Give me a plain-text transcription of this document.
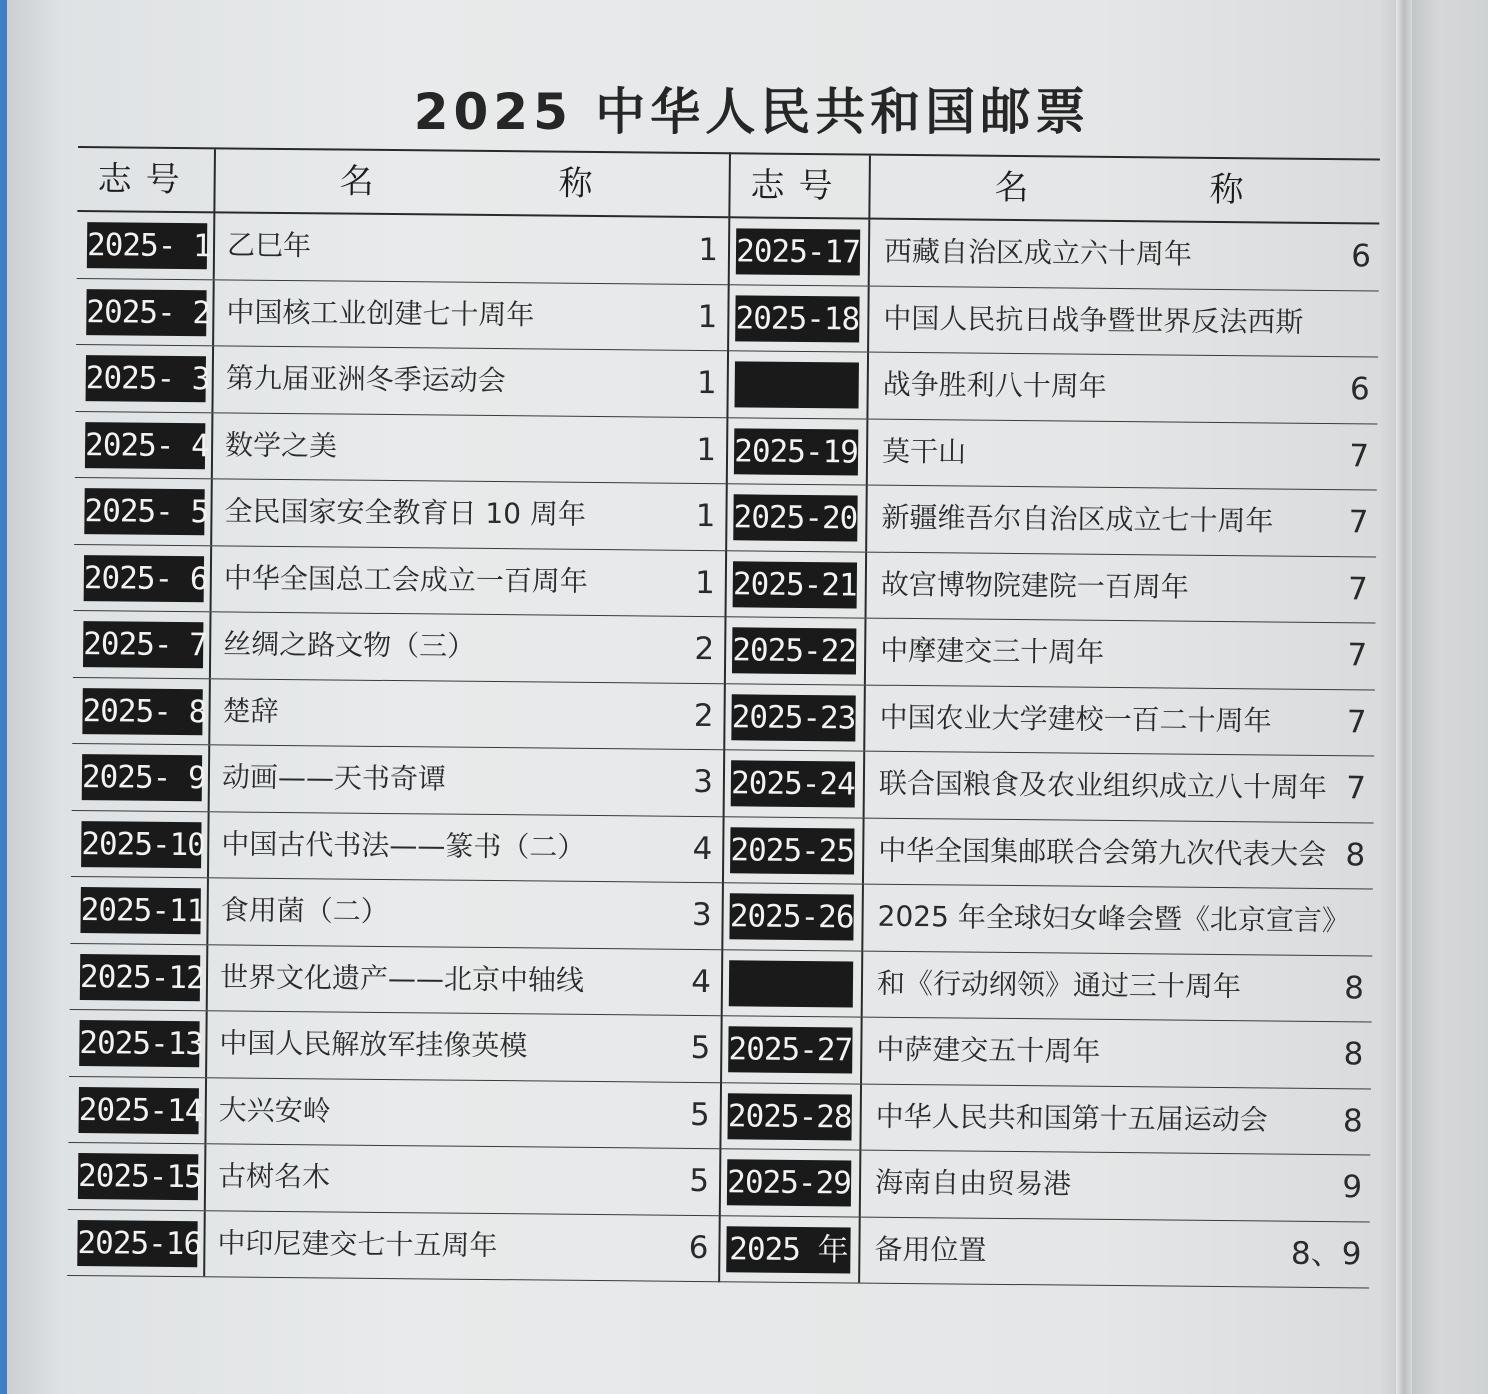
2025 中华人民共和国邮票
志号	名	称
2025- 1 乙巳年	1
2025- 2 中国核工业创建七十周年	1
2025- 3 第九届亚洲冬季运动会	1
2025- 4 数学之美	1
2025- 5 全民国家安全教育日 10 周年	1
2025- 6 中华全国总工会成立一百周年	1
2025- 7 丝绸之路文物（三）	2
2025- 8 楚辞	2
2025- 9 动画——天书奇谭	3
2025-10 中国古代书法——篆书（二）	4
2025-11 食用菌（二）	3
2025-12 世界文化遗产——北京中轴线	4
2025-13 中国人民解放军挂像英模	5
2025-14 大兴安岭	5
2025-15 古树名木	5
2025-16 中印尼建交七十五周年	6
志号	名	称
2025-17 西藏自治区成立六十周年	6
2025-18 中国人民抗日战争暨世界反法西斯
战争胜利八十周年	6
2025-19 莫干山	7
2025-20 新疆维吾尔自治区成立七十周年 7
2025-21 故宫博物院建院一百周年	7
2025-22 中摩建交三十周年	7
2025-23 中国农业大学建校一百二十周年 7
2025-24 联合国粮食及农业组织成立八十周年 7
2025-25 中华全国集邮联合会第九次代表大会 8
2025-26 2025 年全球妇女峰会暨《北京宣言》
和《行动纲领》通过三十周年	8
2025-27 中萨建交五十周年	8
2025-28 中华人民共和国第十五届运动会 8
2025-29 海南自由贸易港	9
2025 年 备用位置	8、9
